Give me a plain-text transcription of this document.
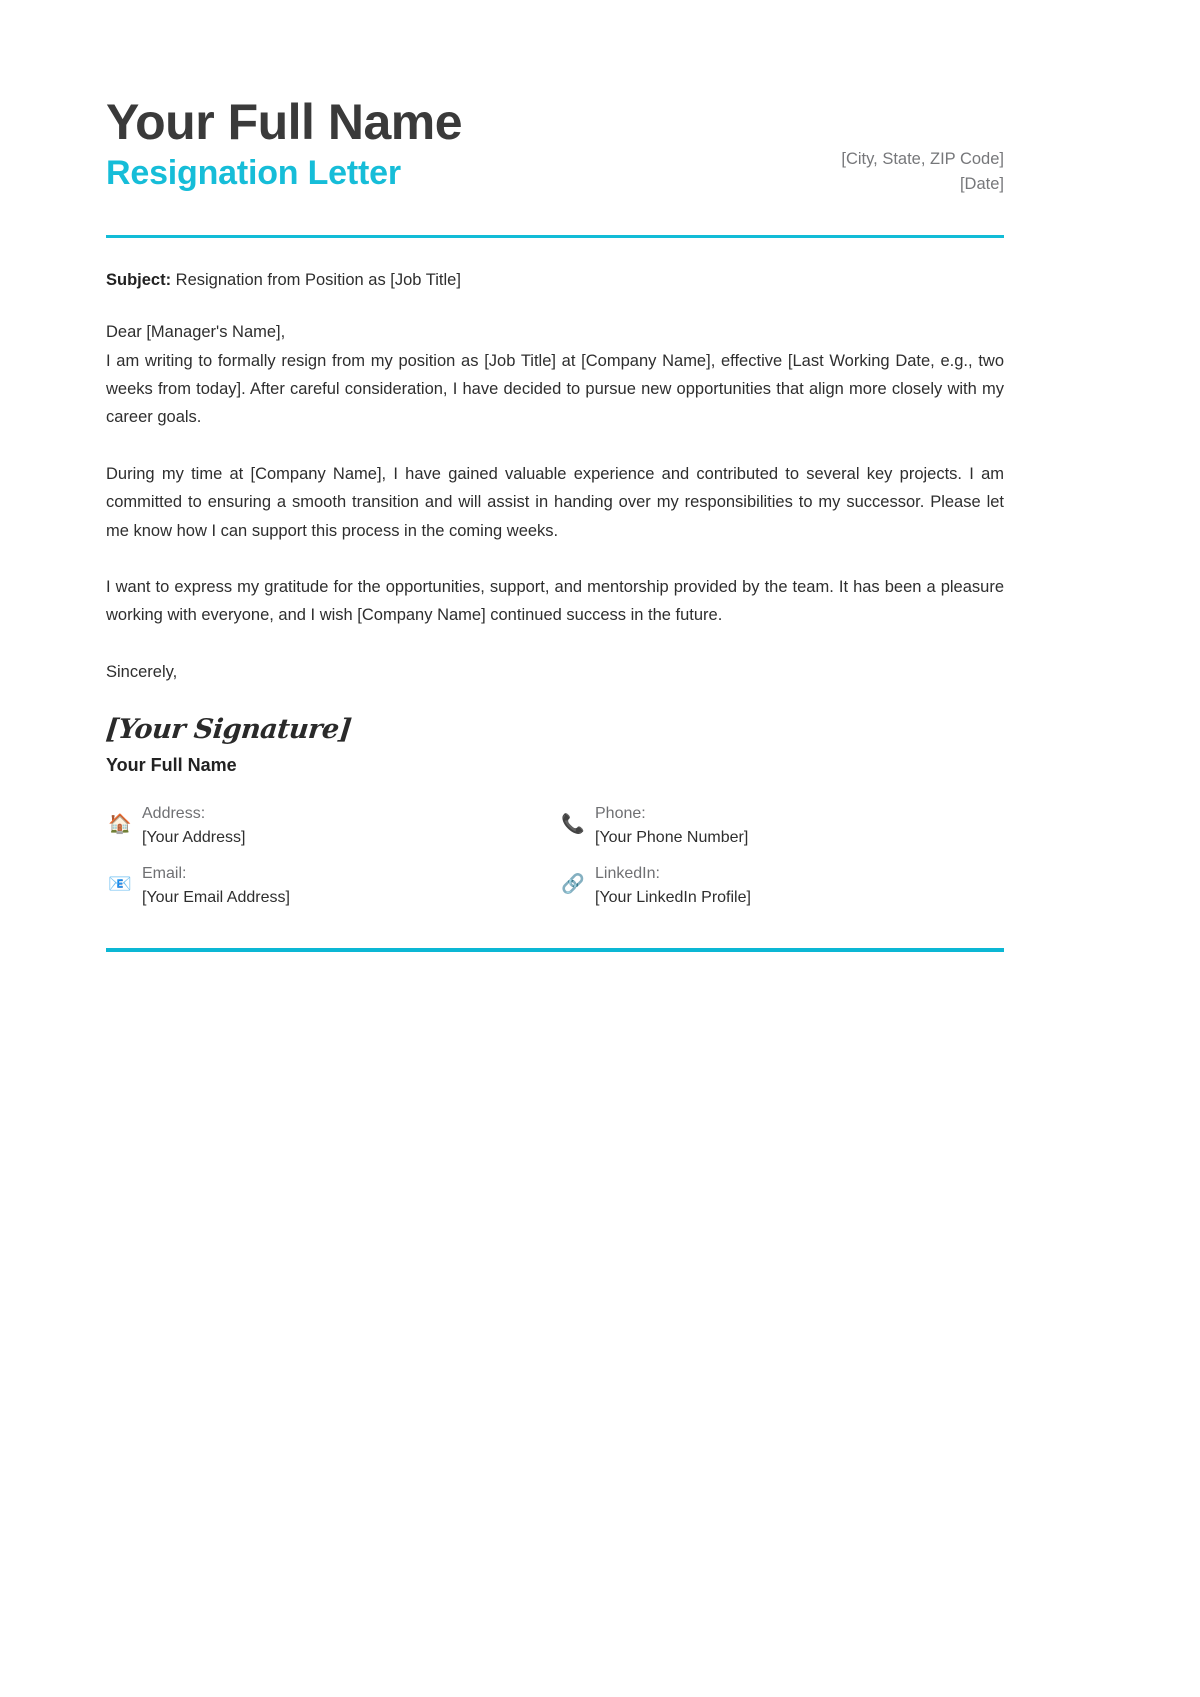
Your Full Name
Resignation Letter	[City, State, ZIP Code]
[Date]
Subject: Resignation from Position as [Job Title]

Dear [Manager's Name],

I am writing to formally resign from my position as [Job Title] at [Company Name], effective [Last Working Date, e.g., two weeks from today]. After careful consideration, I have decided to pursue new opportunities that align more closely with my career goals.

During my time at [Company Name], I have gained valuable experience and contributed to several key projects. I am committed to ensuring a smooth transition and will assist in handing over my responsibilities to my successor. Please let me know how I can support this process in the coming weeks.

I want to express my gratitude for the opportunities, support, and mentorship provided by the team. It has been a pleasure working with everyone, and I wish [Company Name] continued success in the future.

Sincerely,

[Your Signature]
Your Full Name
🏠 Address:
[Your Address]
📞 Phone:
[Your Phone Number]
📧 Email:
[Your Email Address]
🔗 LinkedIn:
[Your LinkedIn Profile]
